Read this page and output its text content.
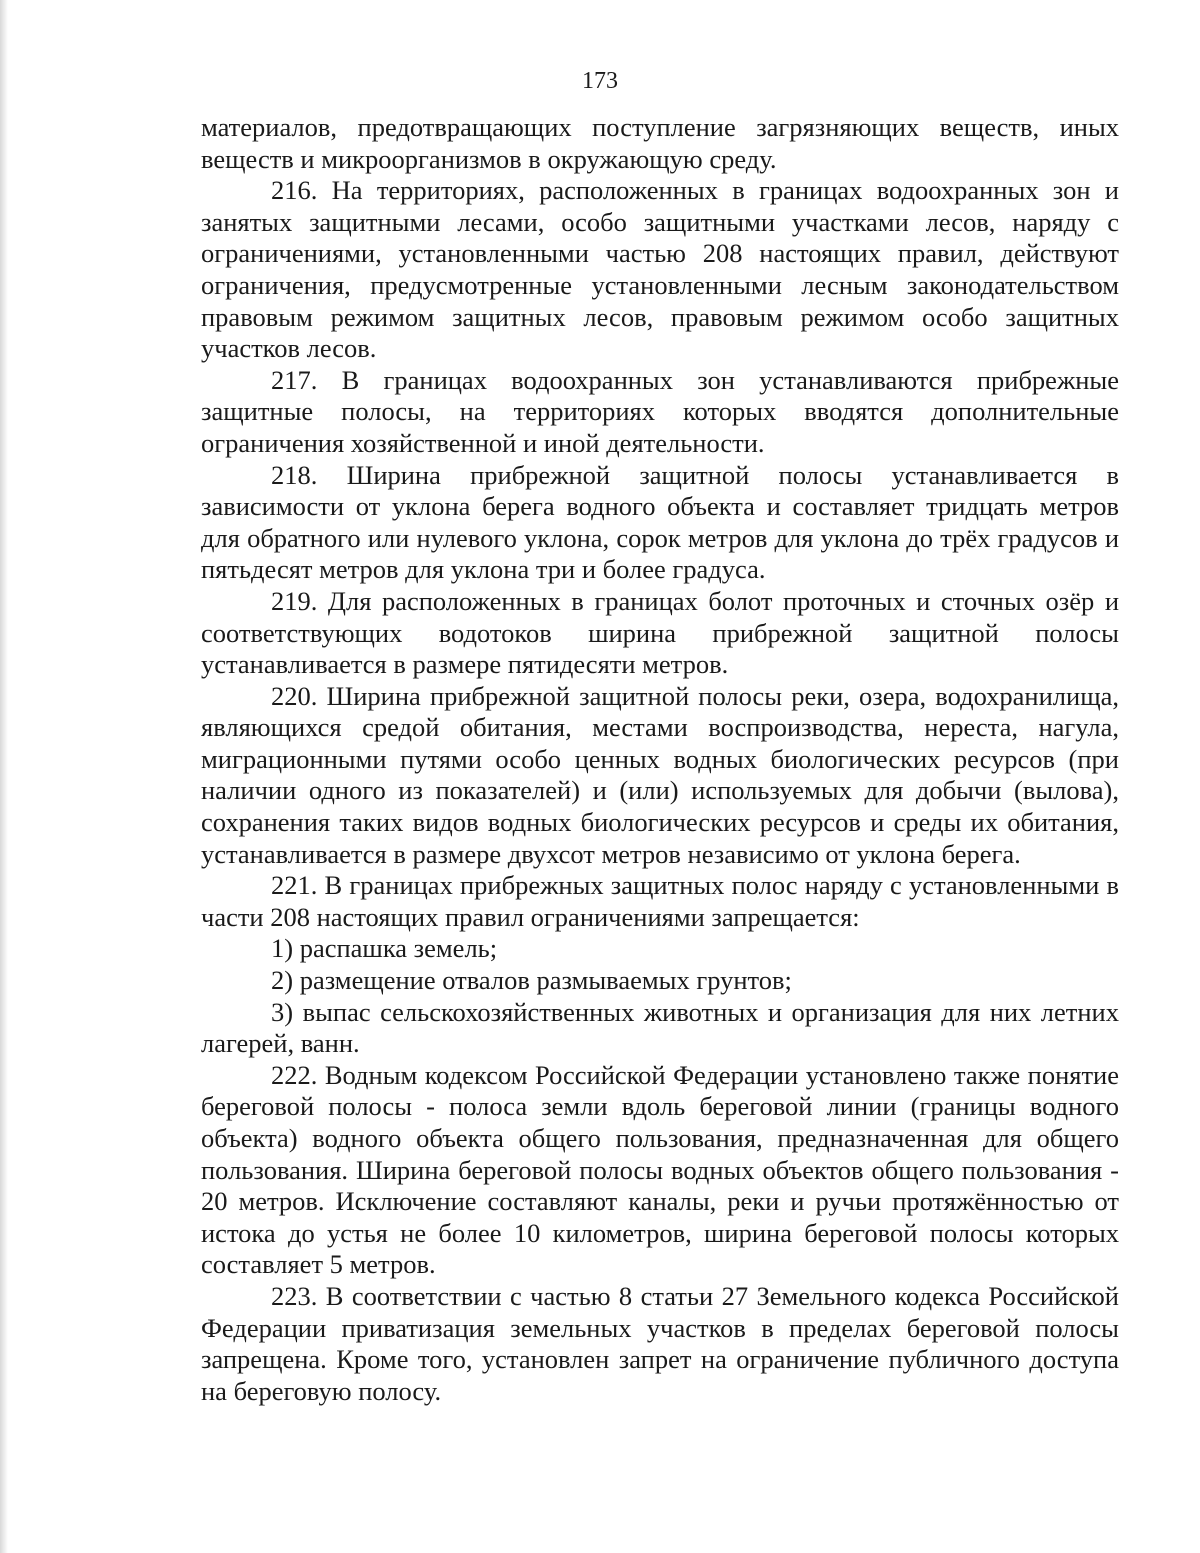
173

материалов, предотвращающих поступление загрязняющих веществ, иных веществ и микроорганизмов в окружающую среду.

216. На территориях, расположенных в границах водоохранных зон и занятых защитными лесами, особо защитными участками лесов, наряду с ограничениями, установленными частью 208 настоящих правил, действуют ограничения, предусмотренные установленными лесным законодательством правовым режимом защитных лесов, правовым режимом особо защитных участков лесов.

217. В границах водоохранных зон устанавливаются прибрежные защитные полосы, на территориях которых вводятся дополнительные ограничения хозяйственной и иной деятельности.

218. Ширина прибрежной защитной полосы устанавливается в зависимости от уклона берега водного объекта и составляет тридцать метров для обратного или нулевого уклона, сорок метров для уклона до трёх градусов и пятьдесят метров для уклона три и более градуса.

219. Для расположенных в границах болот проточных и сточных озёр и соответствующих водотоков ширина прибрежной защитной полосы устанавливается в размере пятидесяти метров.

220. Ширина прибрежной защитной полосы реки, озера, водохранилища, являющихся средой обитания, местами воспроизводства, нереста, нагула, миграционными путями особо ценных водных биологических ресурсов (при наличии одного из показателей) и (или) используемых для добычи (вылова), сохранения таких видов водных биологических ресурсов и среды их обитания, устанавливается в размере двухсот метров независимо от уклона берега.

221. В границах прибрежных защитных полос наряду с установленными в части 208 настоящих правил ограничениями запрещается:

1) распашка земель;

2) размещение отвалов размываемых грунтов;

3) выпас сельскохозяйственных животных и организация для них летних лагерей, ванн.

222. Водным кодексом Российской Федерации установлено также понятие береговой полосы - полоса земли вдоль береговой линии (границы водного объекта) водного объекта общего пользования, предназначенная для общего пользования. Ширина береговой полосы водных объектов общего пользования - 20 метров. Исключение составляют каналы, реки и ручьи протяжённостью от истока до устья не более 10 километров, ширина береговой полосы которых составляет 5 метров.

223. В соответствии с частью 8 статьи 27 Земельного кодекса Российской Федерации приватизация земельных участков в пределах береговой полосы запрещена. Кроме того, установлен запрет на ограничение публичного доступа на береговую полосу.
